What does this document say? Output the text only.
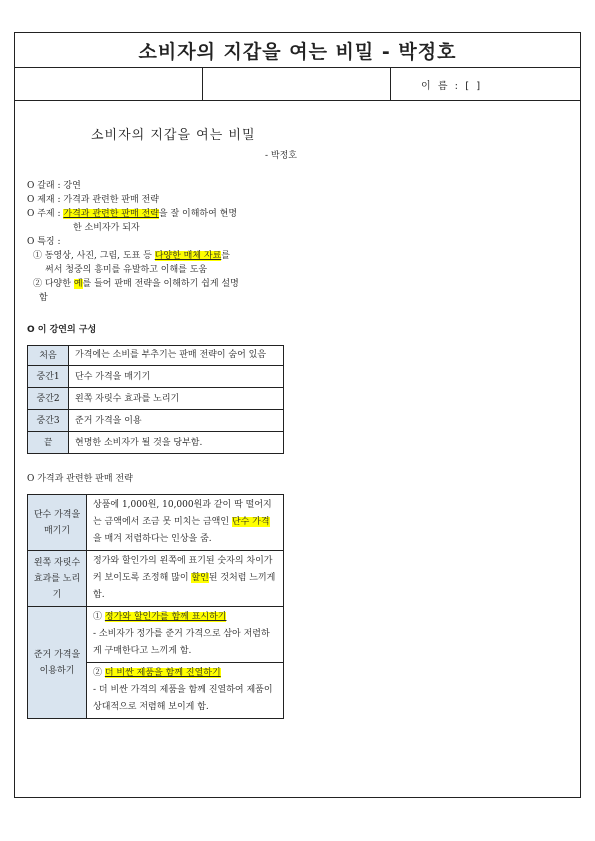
소비자의 지갑을 여는 비밀 - 박정호
이 름 : [ ]

소비자의 지갑을 여는 비밀

- 박정호

O 갈래 : 강연

O 제재 : 가격과 관련한 판매 전략

O 주제 : 가격과 관련한 판매 전략을 잘 이해하여 현명

한 소비자가 되자

O 특징 :

① 동영상, 사진, 그림, 도표 등 다양한 매체 자료를

써서 청중의 흥미를 유발하고 이해를 도움

② 다양한 예를 들어 판매 전략을 이해하기 쉽게 설명

함

O 이 강연의 구성

처음	가격에는 소비를 부추기는 판매 전략이 숨어 있음
중간1	단수 가격을 매기기
중간2	왼쪽 자릿수 효과를 노리기
중간3	준거 가격을 이용
끝	현명한 소비자가 될 것을 당부함.

O 가격과 관련한 판매 전략

단수 가격을 매기기	상품에 1,000원, 10,000원과 같이 딱 떨어지는 금액에서 조금 못 미치는 금액인 단수 가격을 매겨 저렴하다는 인상을 줌.
왼쪽 자릿수 효과를 노리기	정가와 할인가의 왼쪽에 표기된 숫자의 차이가 커 보이도록 조정해 많이 할인된 것처럼 느끼게 함.
준거 가격을 이용하기	① 정가와 할인가를 함께 표시하기
- 소비자가 정가를 준거 가격으로 삼아 저렴하게 구매한다고 느끼게 함.

	② 더 비싼 제품을 함께 진열하기
- 더 비싼 가격의 제품을 함께 진열하여 제품이 상대적으로 저렴해 보이게 함.
